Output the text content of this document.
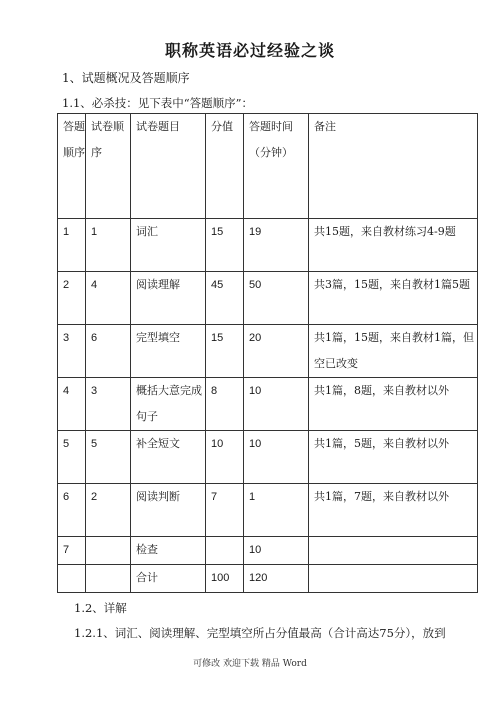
职称英语必过经验之谈
1、试题概况及答题顺序
1.1、必杀技：见下表中“答题顺序”：
答题顺序	试卷顺序	试卷题目	分值	答题时间（分钟）	备注
1	1	词汇	15	19	共15题，来自教材练习4-9题
2	4	阅读理解	45	50	共3篇，15题，来自教材1篇5题
3	6	完型填空	15	20	共1篇，15题，来自教材1篇，但空已改变
4	3	概括大意完成句子	8	10	共1篇，8题，来自教材以外
5	5	补全短文	10	10	共1篇，5题，来自教材以外
6	2	阅读判断	7	1	共1篇，7题，来自教材以外
7		检查		10	
		合计	100	120	
1.2、详解
1.2.1、词汇、阅读理解、完型填空所占分值最高（合计高达75分），放到
可修改 欢迎下载 精品 Word
